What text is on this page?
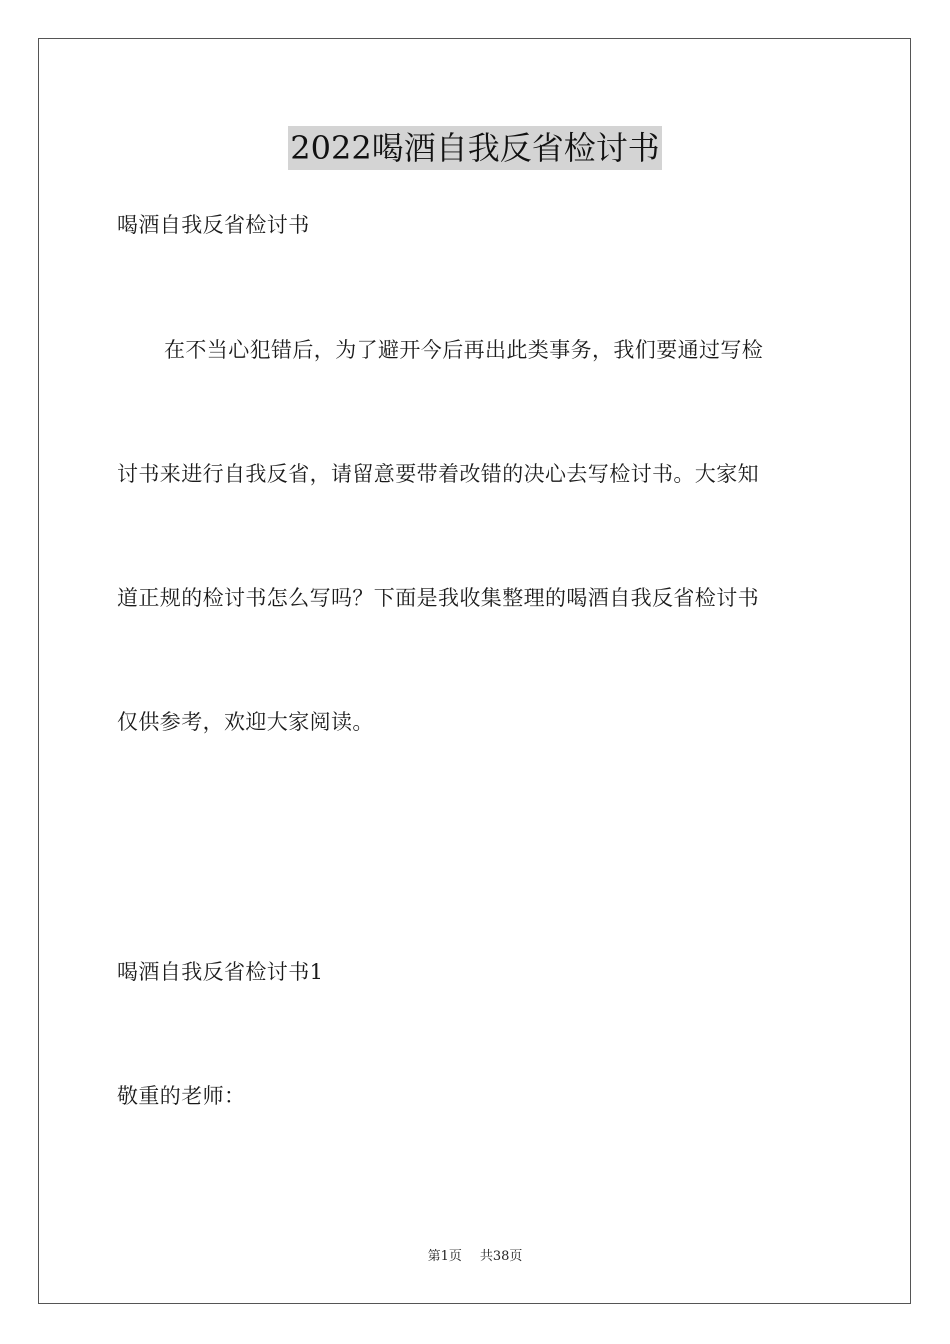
2022喝酒自我反省检讨书
喝酒自我反省检讨书
在不当心犯错后，为了避开今后再出此类事务，我们要通过写检
讨书来进行自我反省，请留意要带着改错的决心去写检讨书。大家知
道正规的检讨书怎么写吗？下面是我收集整理的喝酒自我反省检讨书
仅供参考，欢迎大家阅读。
喝酒自我反省检讨书1
敬重的老师：
第1页 共38页
